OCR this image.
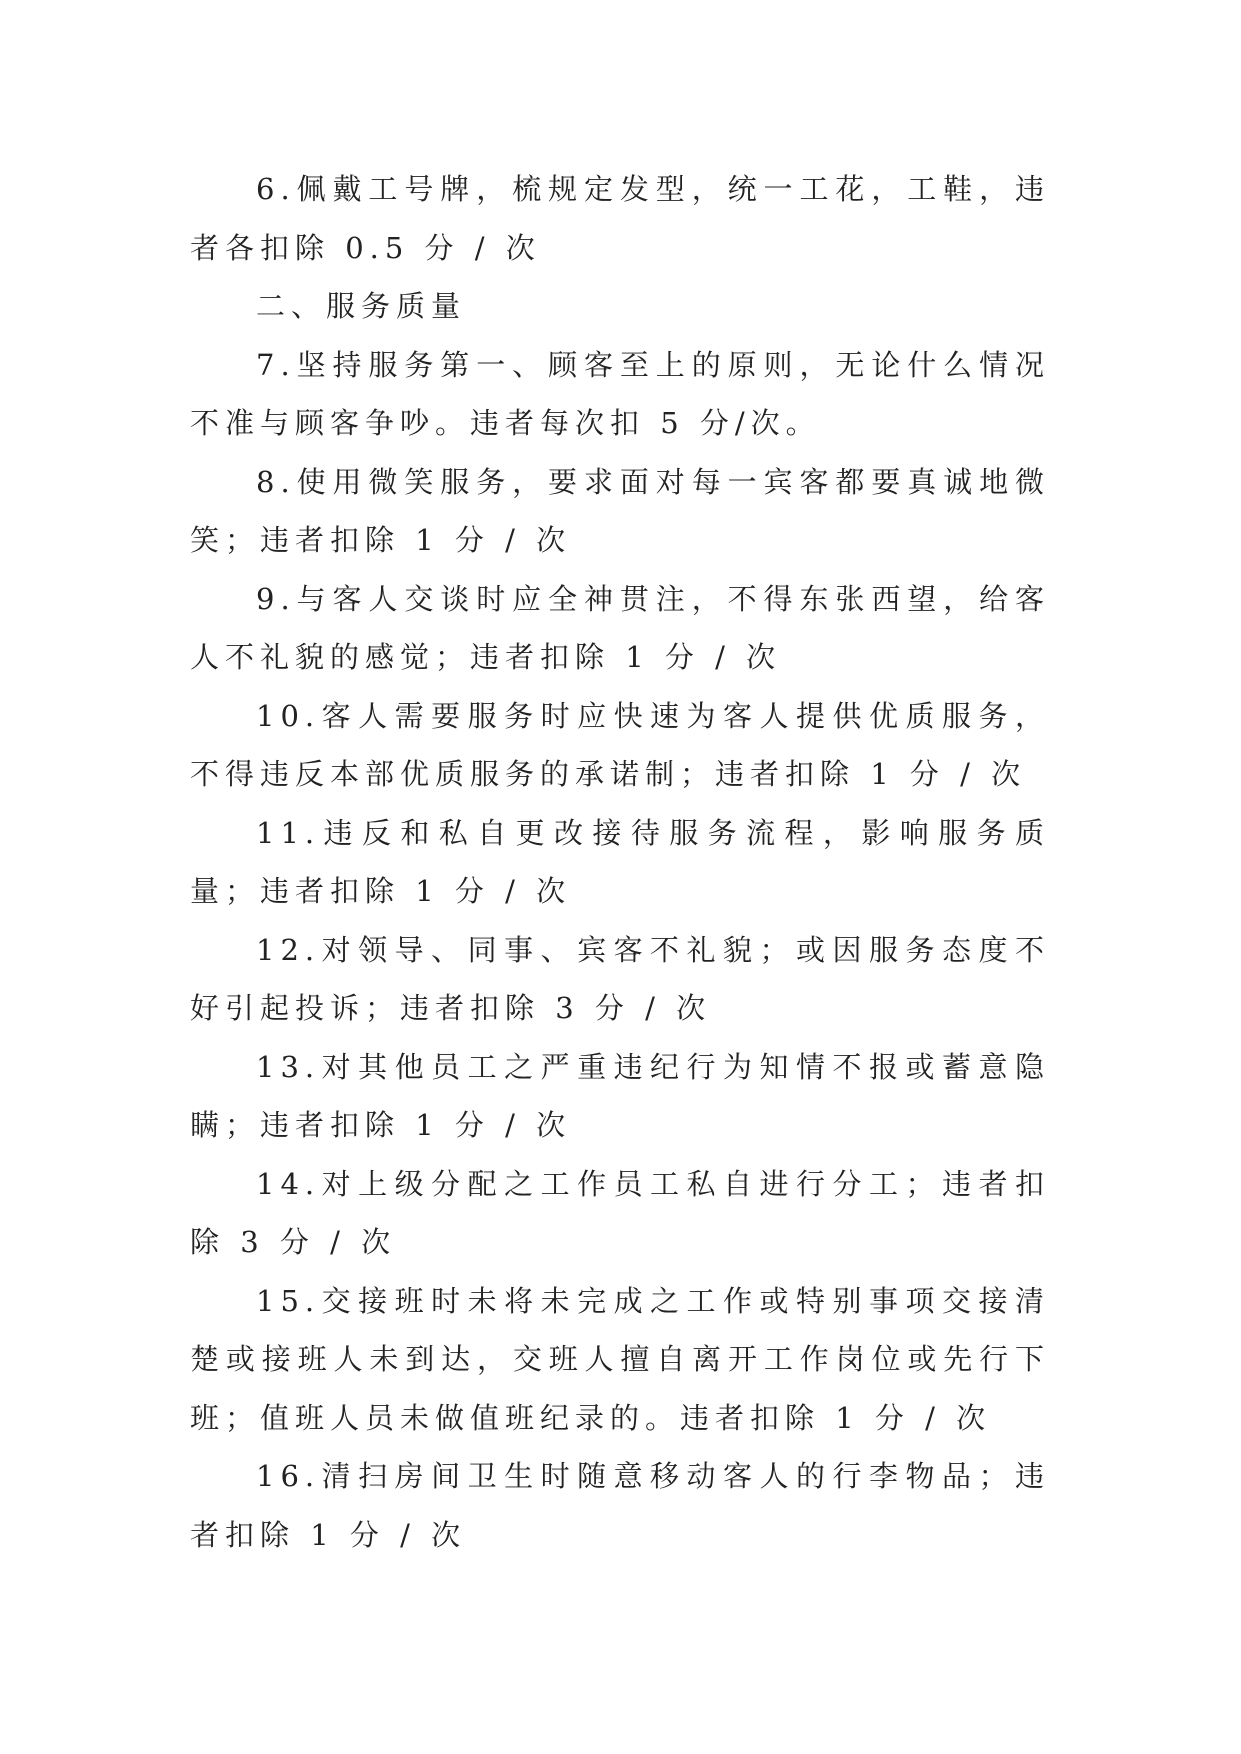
6.佩戴工号牌，梳规定发型，统一工花，工鞋，违者各扣除 0.5 分 / 次

二、服务质量

7.坚持服务第一、顾客至上的原则，无论什么情况不准与顾客争吵。违者每次扣 5 分/次。

8.使用微笑服务，要求面对每一宾客都要真诚地微笑；违者扣除 1 分 / 次

9.与客人交谈时应全神贯注，不得东张西望，给客人不礼貌的感觉；违者扣除 1 分 / 次

10.客人需要服务时应快速为客人提供优质服务，不得违反本部优质服务的承诺制；违者扣除 1 分 / 次

11.违反和私自更改接待服务流程，影响服务质量；违者扣除 1 分 / 次

12.对领导、同事、宾客不礼貌；或因服务态度不好引起投诉；违者扣除 3 分 / 次

13.对其他员工之严重违纪行为知情不报或蓄意隐瞒；违者扣除 1 分 / 次

14.对上级分配之工作员工私自进行分工；违者扣除 3 分 / 次

15.交接班时未将未完成之工作或特别事项交接清楚或接班人未到达，交班人擅自离开工作岗位或先行下班；值班人员未做值班纪录的。违者扣除 1 分 / 次

16.清扫房间卫生时随意移动客人的行李物品；违者扣除 1 分 / 次
